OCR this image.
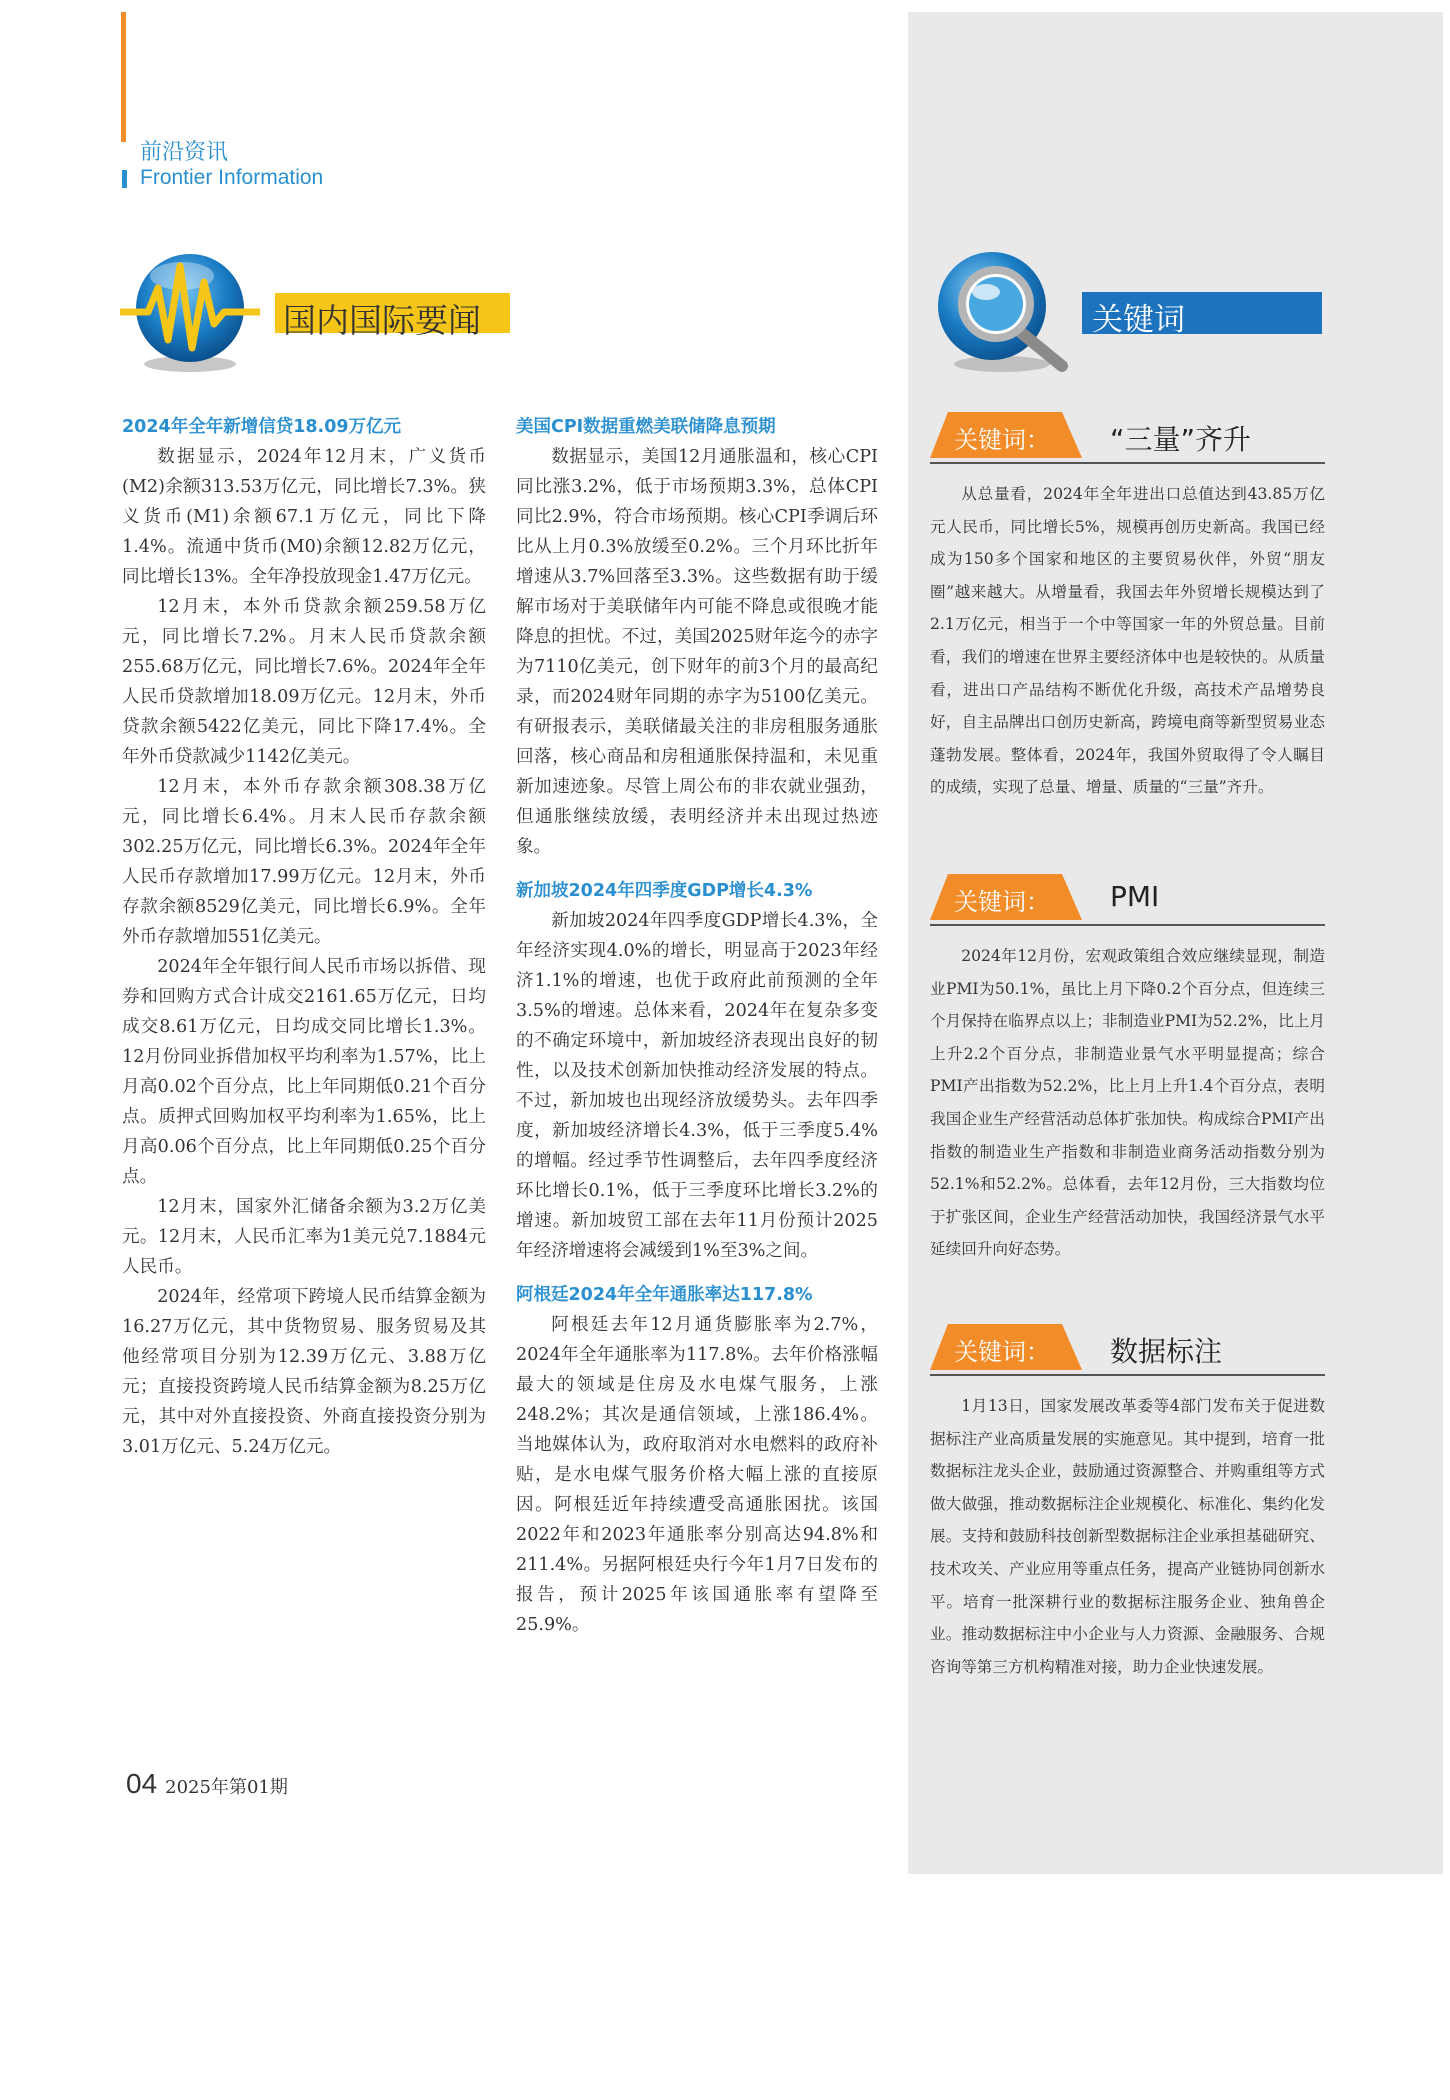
前沿资讯
Frontier Information
国内国际要闻
2024年全年新增信贷18.09万亿元

数据显示，2024年12月末，广义货币(M2)余额313.53万亿元，同比增长7.3%。狭义货币(M1)余额67.1万亿元，同比下降1.4%。流通中货币(M0)余额12.82万亿元，同比增长13%。全年净投放现金1.47万亿元。

12月末，本外币贷款余额259.58万亿元，同比增长7.2%。月末人民币贷款余额255.68万亿元，同比增长7.6%。2024年全年人民币贷款增加18.09万亿元。12月末，外币贷款余额5422亿美元，同比下降17.4%。全年外币贷款减少1142亿美元。

12月末，本外币存款余额308.38万亿元，同比增长6.4%。月末人民币存款余额302.25万亿元，同比增长6.3%。2024年全年人民币存款增加17.99万亿元。12月末，外币存款余额8529亿美元，同比增长6.9%。全年外币存款增加551亿美元。

2024年全年银行间人民币市场以拆借、现券和回购方式合计成交2161.65万亿元，日均成交8.61万亿元，日均成交同比增长1.3%。12月份同业拆借加权平均利率为1.57%，比上月高0.02个百分点，比上年同期低0.21个百分点。质押式回购加权平均利率为1.65%，比上月高0.06个百分点，比上年同期低0.25个百分点。

12月末，国家外汇储备余额为3.2万亿美元。12月末，人民币汇率为1美元兑7.1884元人民币。

2024年，经常项下跨境人民币结算金额为16.27万亿元，其中货物贸易、服务贸易及其他经常项目分别为12.39万亿元、3.88万亿元；直接投资跨境人民币结算金额为8.25万亿元，其中对外直接投资、外商直接投资分别为3.01万亿元、5.24万亿元。

美国CPI数据重燃美联储降息预期

数据显示，美国12月通胀温和，核心CPI同比涨3.2%，低于市场预期3.3%，总体CPI同比2.9%，符合市场预期。核心CPI季调后环比从上月0.3%放缓至0.2%。三个月环比折年增速从3.7%回落至3.3%。这些数据有助于缓解市场对于美联储年内可能不降息或很晚才能降息的担忧。不过，美国2025财年迄今的赤字为7110亿美元，创下财年的前3个月的最高纪录，而2024财年同期的赤字为5100亿美元。有研报表示，美联储最关注的非房租服务通胀回落，核心商品和房租通胀保持温和，未见重新加速迹象。尽管上周公布的非农就业强劲，但通胀继续放缓，表明经济并未出现过热迹象。

新加坡2024年四季度GDP增长4.3%

新加坡2024年四季度GDP增长4.3%，全年经济实现4.0%的增长，明显高于2023年经济1.1%的增速，也优于政府此前预测的全年3.5%的增速。总体来看，2024年在复杂多变的不确定环境中，新加坡经济表现出良好的韧性，以及技术创新加快推动经济发展的特点。不过，新加坡也出现经济放缓势头。去年四季度，新加坡经济增长4.3%，低于三季度5.4%的增幅。经过季节性调整后，去年四季度经济环比增长0.1%，低于三季度环比增长3.2%的增速。新加坡贸工部在去年11月份预计2025年经济增速将会减缓到1%至3%之间。

阿根廷2024年全年通胀率达117.8%

阿根廷去年12月通货膨胀率为2.7%，2024年全年通胀率为117.8%。去年价格涨幅最大的领域是住房及水电煤气服务，上涨248.2%；其次是通信领域，上涨186.4%。当地媒体认为，政府取消对水电燃料的政府补贴，是水电煤气服务价格大幅上涨的直接原因。阿根廷近年持续遭受高通胀困扰。该国2022年和2023年通胀率分别高达94.8%和211.4%。另据阿根廷央行今年1月7日发布的报告，预计2025年该国通胀率有望降至25.9%。

关键词
关键词： “三量”齐升

从总量看，2024年全年进出口总值达到43.85万亿元人民币，同比增长5%，规模再创历史新高。我国已经成为150多个国家和地区的主要贸易伙伴，外贸“朋友圈”越来越大。从增量看，我国去年外贸增长规模达到了2.1万亿元，相当于一个中等国家一年的外贸总量。目前看，我们的增速在世界主要经济体中也是较快的。从质量看，进出口产品结构不断优化升级，高技术产品增势良好，自主品牌出口创历史新高，跨境电商等新型贸易业态蓬勃发展。整体看，2024年，我国外贸取得了令人瞩目的成绩，实现了总量、增量、质量的“三量”齐升。

关键词： PMI

2024年12月份，宏观政策组合效应继续显现，制造业PMI为50.1%，虽比上月下降0.2个百分点，但连续三个月保持在临界点以上；非制造业PMI为52.2%，比上月上升2.2个百分点，非制造业景气水平明显提高；综合PMI产出指数为52.2%，比上月上升1.4个百分点，表明我国企业生产经营活动总体扩张加快。构成综合PMI产出指数的制造业生产指数和非制造业商务活动指数分别为52.1%和52.2%。总体看，去年12月份，三大指数均位于扩张区间，企业生产经营活动加快，我国经济景气水平延续回升向好态势。

关键词： 数据标注

1月13日，国家发展改革委等4部门发布关于促进数据标注产业高质量发展的实施意见。其中提到，培育一批数据标注龙头企业，鼓励通过资源整合、并购重组等方式做大做强，推动数据标注企业规模化、标准化、集约化发展。支持和鼓励科技创新型数据标注企业承担基础研究、技术攻关、产业应用等重点任务，提高产业链协同创新水平。培育一批深耕行业的数据标注服务企业、独角兽企业。推动数据标注中小企业与人力资源、金融服务、合规咨询等第三方机构精准对接，助力企业快速发展。

04 2025年第01期
